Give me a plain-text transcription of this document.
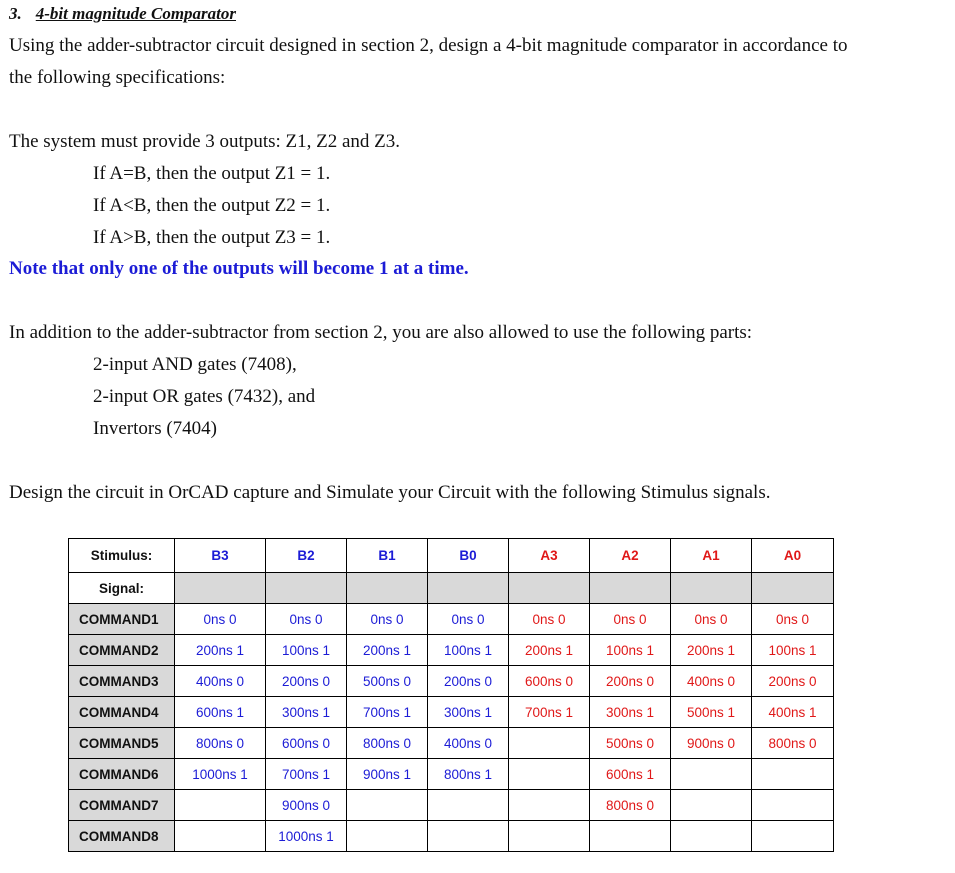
3. 4-bit magnitude Comparator
Using the adder-subtractor circuit designed in section 2, design a 4-bit magnitude comparator in accordance to
the following specifications:
The system must provide 3 outputs: Z1, Z2 and Z3.
If A=B, then the output Z1 = 1.
If A<B, then the output Z2 = 1.
If A>B, then the output Z3 = 1.
Note that only one of the outputs will become 1 at a time.
In addition to the adder-subtractor from section 2, you are also allowed to use the following parts:
2-input AND gates (7408),
2-input OR gates (7432), and
Invertors (7404)
Design the circuit in OrCAD capture and Simulate your Circuit with the following Stimulus signals.
Stimulus:	B3	B2	B1	B0	A3	A2	A1	A0
Signal:								
COMMAND1	0ns 0	0ns 0	0ns 0	0ns 0	0ns 0	0ns 0	0ns 0	0ns 0
COMMAND2	200ns 1	100ns 1	200ns 1	100ns 1	200ns 1	100ns 1	200ns 1	100ns 1
COMMAND3	400ns 0	200ns 0	500ns 0	200ns 0	600ns 0	200ns 0	400ns 0	200ns 0
COMMAND4	600ns 1	300ns 1	700ns 1	300ns 1	700ns 1	300ns 1	500ns 1	400ns 1
COMMAND5	800ns 0	600ns 0	800ns 0	400ns 0		500ns 0	900ns 0	800ns 0
COMMAND6	1000ns 1	700ns 1	900ns 1	800ns 1		600ns 1		
COMMAND7		900ns 0				800ns 0		
COMMAND8		1000ns 1						
